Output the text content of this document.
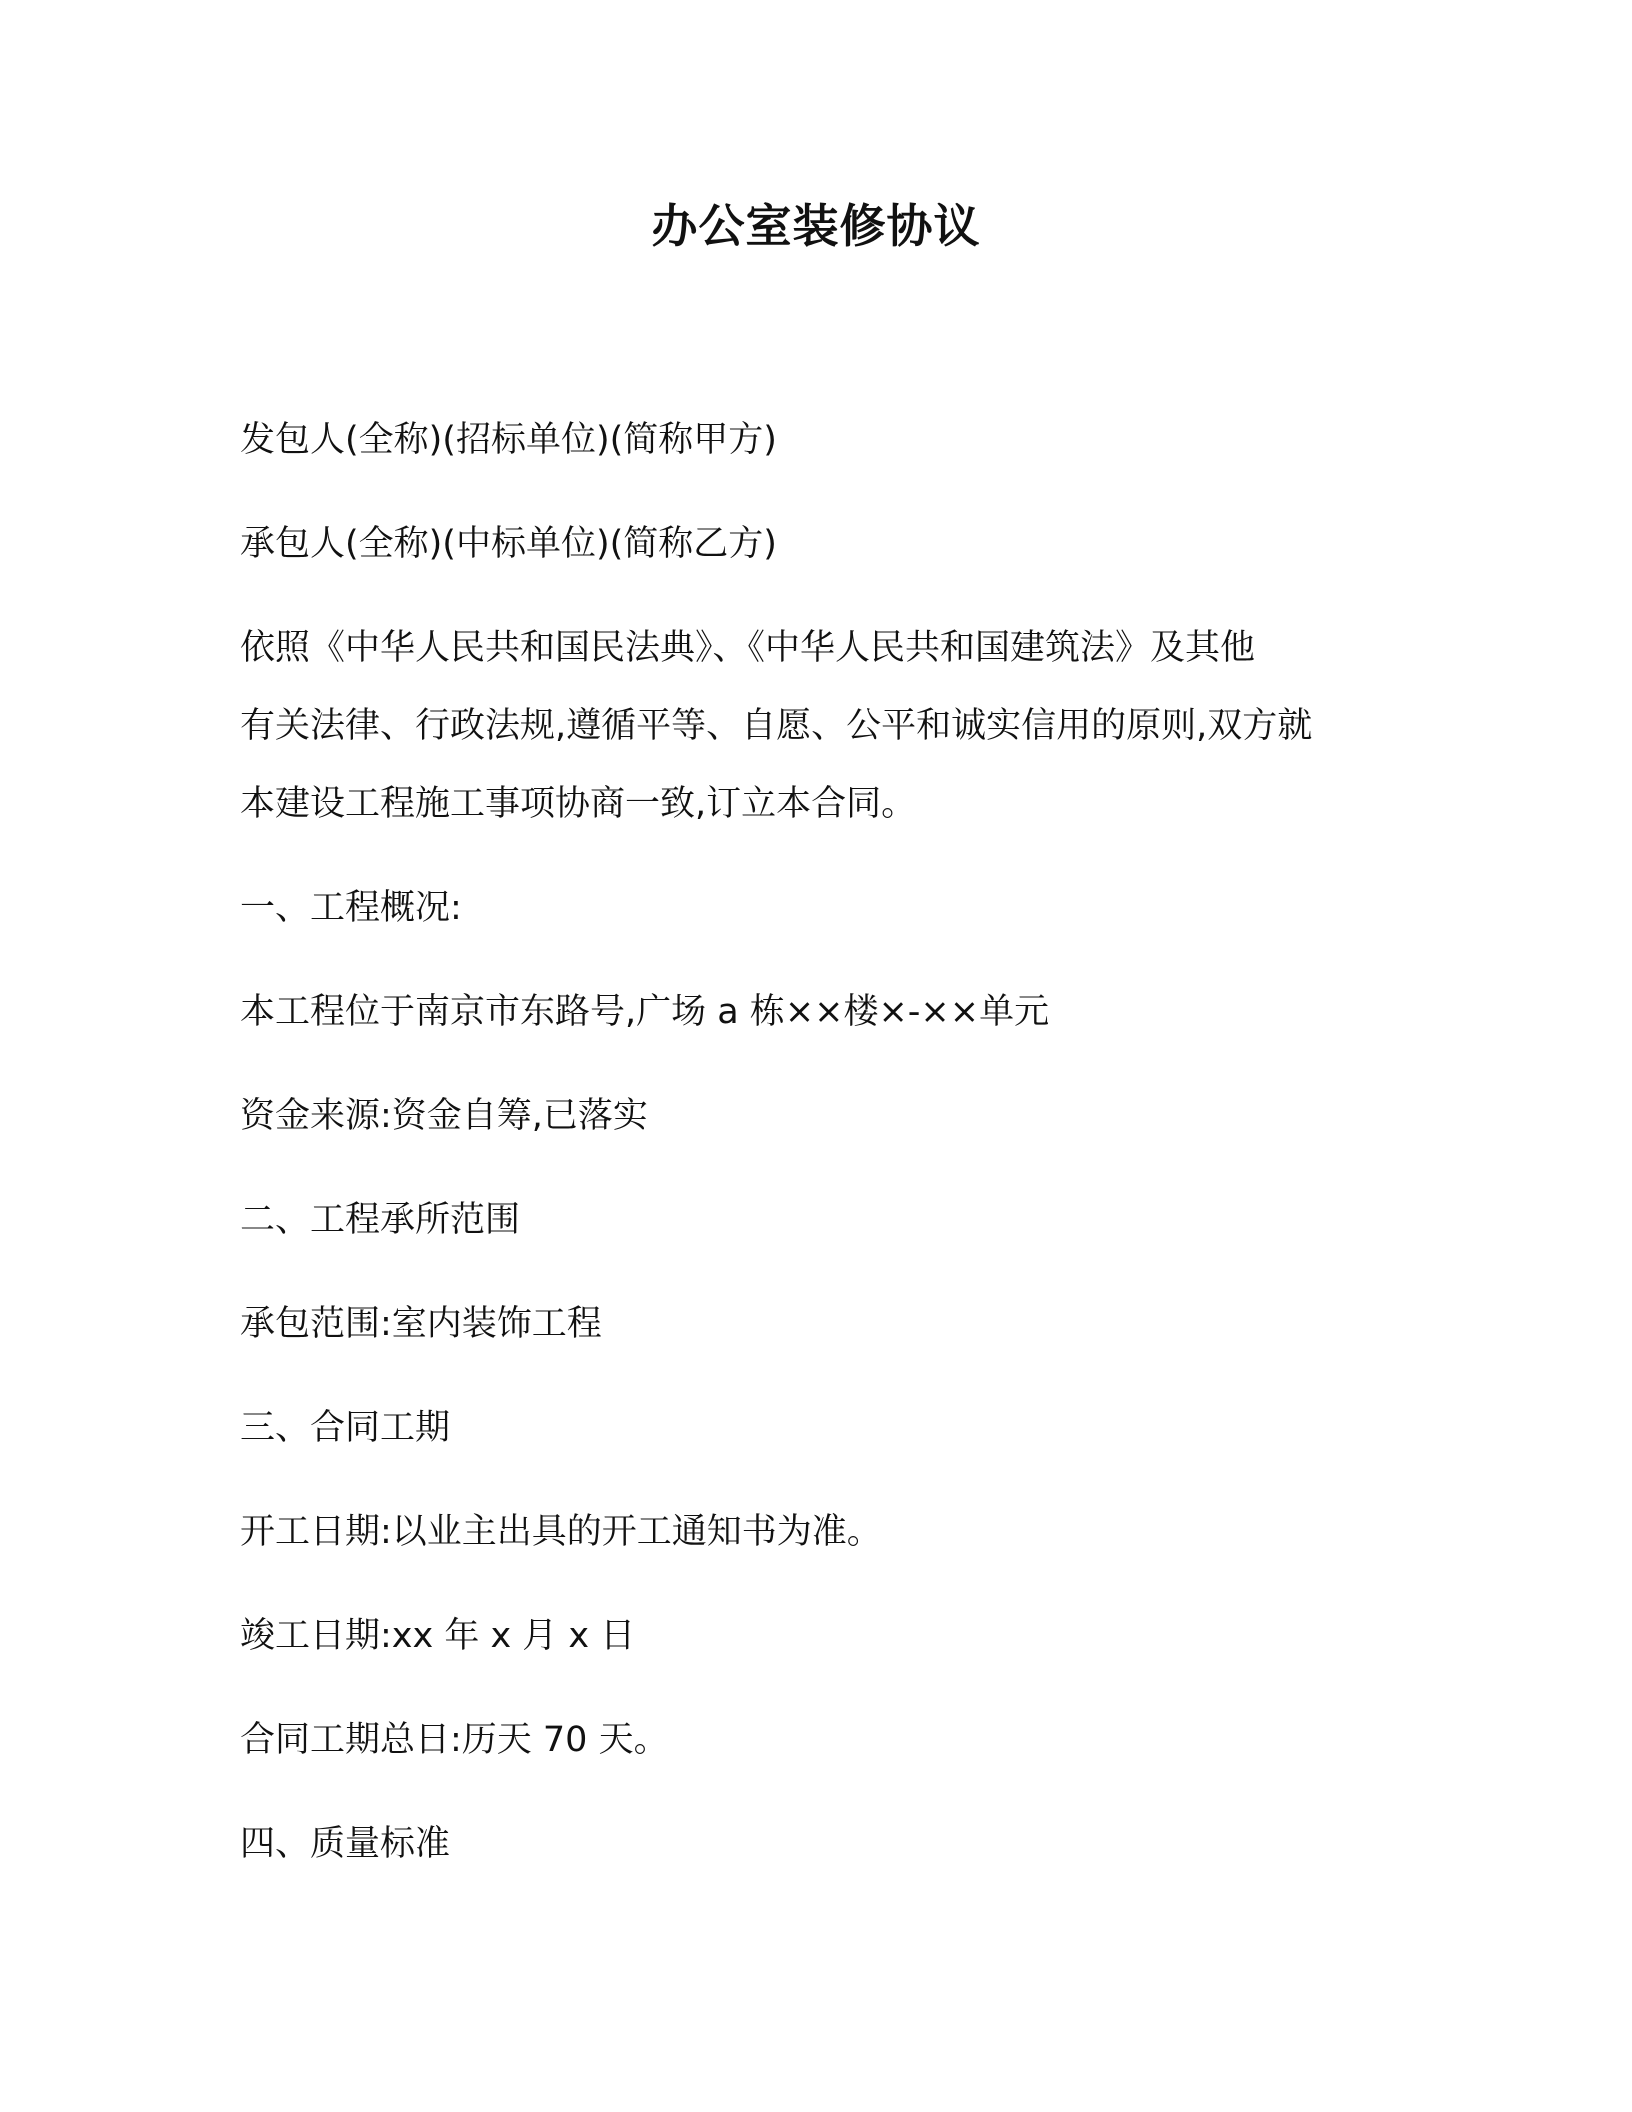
办公室装修协议

发包人(全称)(招标单位)(简称甲方)

承包人(全称)(中标单位)(简称乙方)

依照《中华人民共和国民法典》、《中华人民共和国建筑法》及其他
有关法律、行政法规,遵循平等、自愿、公平和诚实信用的原则,双方就
本建设工程施工事项协商一致,订立本合同。

一、工程概况:

本工程位于南京市东路号,广场 a 栋××楼×-××单元

资金来源:资金自筹,已落实

二、工程承所范围

承包范围:室内装饰工程

三、合同工期

开工日期:以业主出具的开工通知书为准。

竣工日期:xx 年 x 月 x 日

合同工期总日:历天 70 天。

四、质量标准
